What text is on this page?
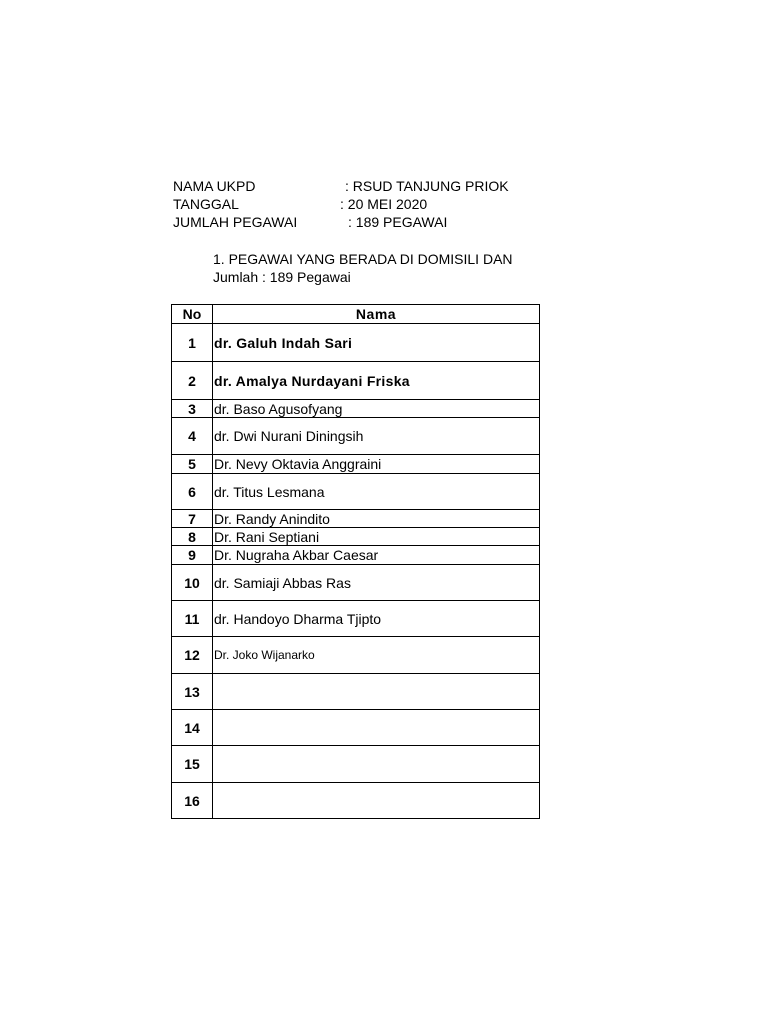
NAMA UKPD	: RSUD TANJUNG PRIOK
TANGGAL	: 20 MEI 2020
JUMLAH PEGAWAI	: 189 PEGAWAI
1. PEGAWAI YANG BERADA DI DOMISILI DAN
Jumlah : 189 Pegawai
No	Nama
1	dr. Galuh Indah Sari
2	dr. Amalya Nurdayani Friska
3	dr. Baso Agusofyang
4	dr. Dwi Nurani Diningsih
5	Dr. Nevy Oktavia Anggraini
6	dr. Titus Lesmana
7	Dr. Randy Anindito
8	Dr. Rani Septiani
9	Dr. Nugraha Akbar Caesar
10	dr. Samiaji Abbas Ras
11	dr. Handoyo Dharma Tjipto
12	Dr. Joko Wijanarko
13	
14	
15	
16	
